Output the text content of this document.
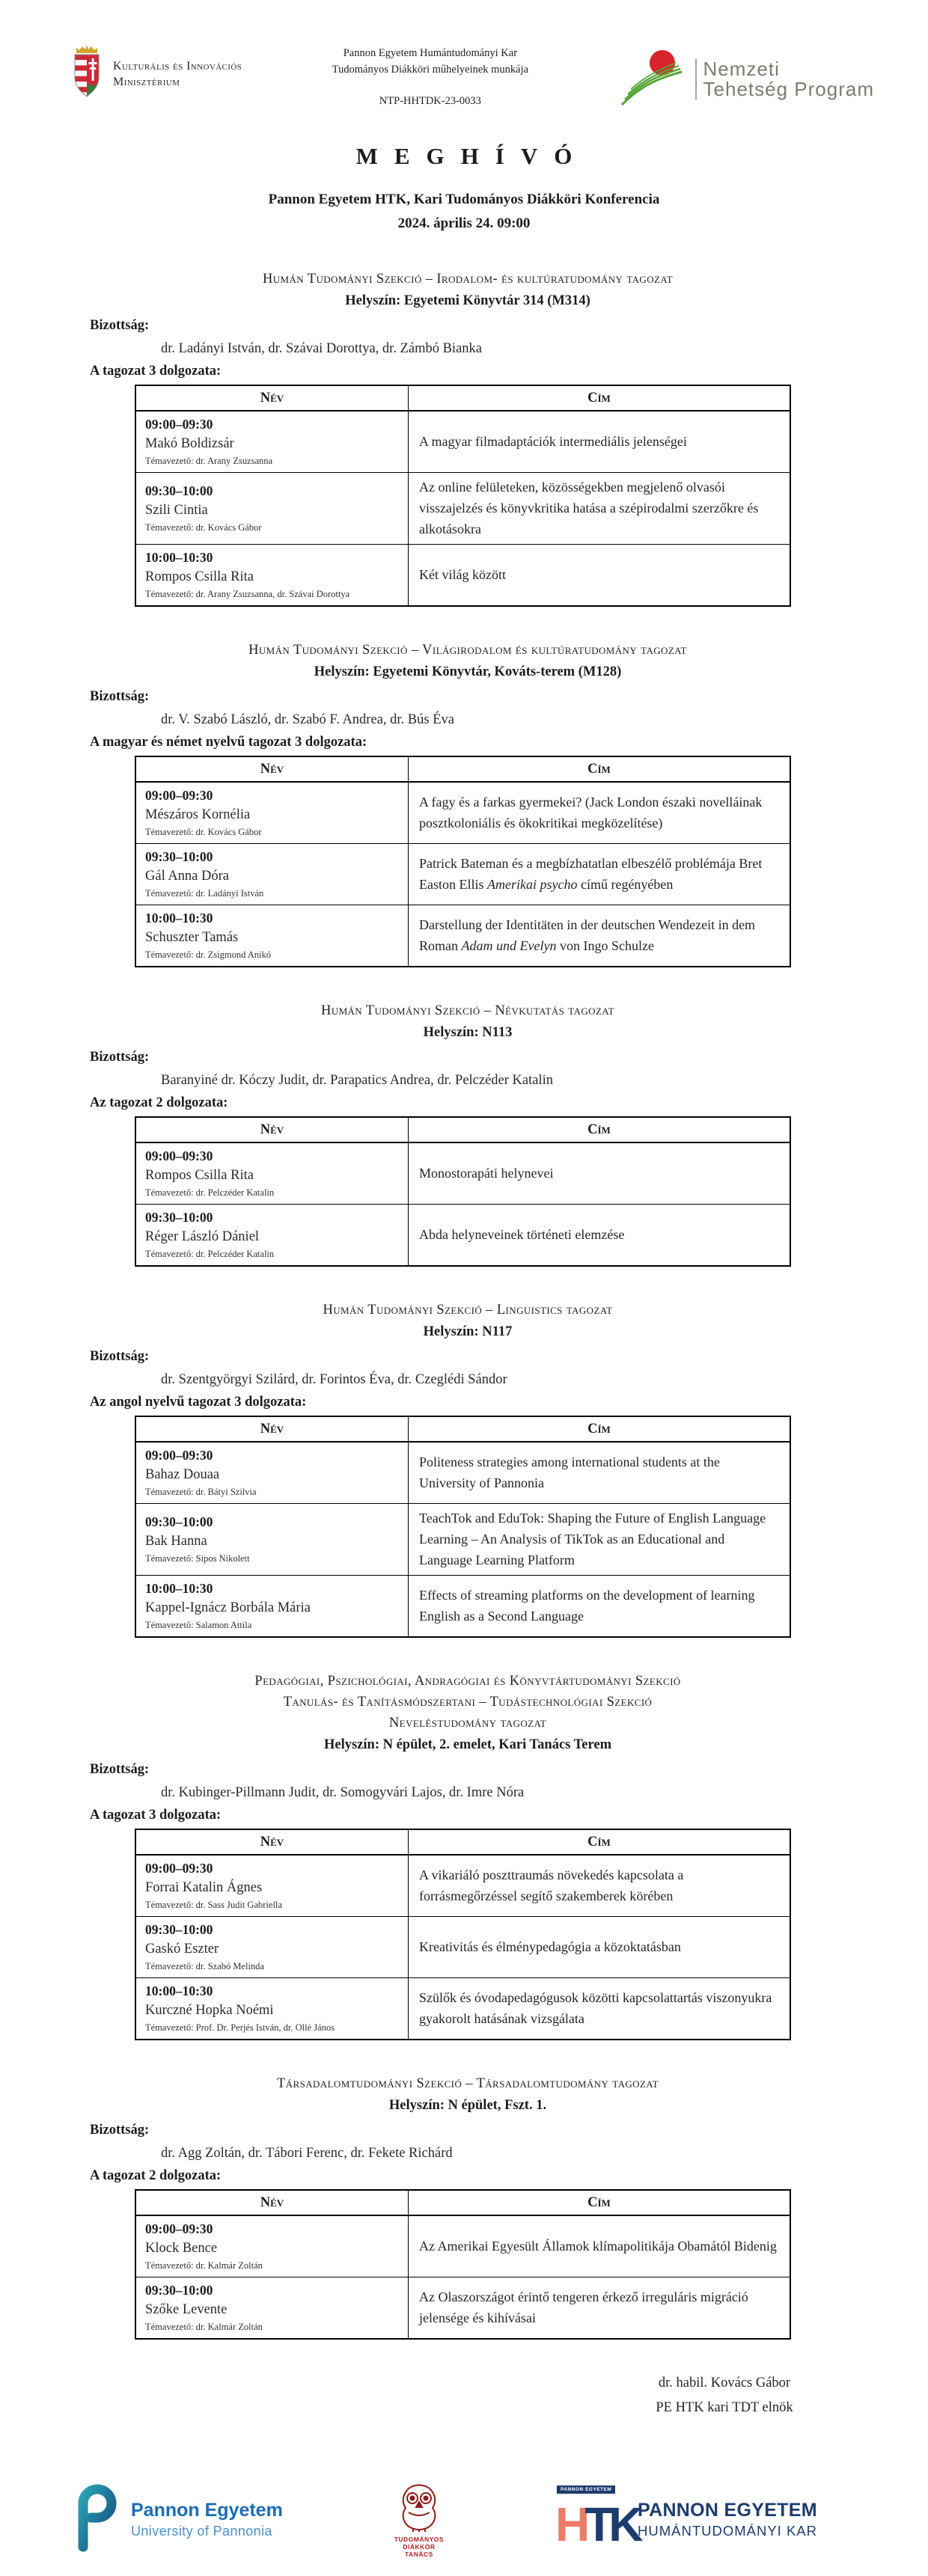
Kulturális és Innovációs
Minisztérium
Pannon Egyetem Humántudományi Kar
Tudományos Diákköri műhelyeinek munkája
NTP-HHTDK-23-0033
Nemzeti
Tehetség Program
MEGHÍVÓ
Pannon Egyetem HTK, Kari Tudományos Diákköri Konferencia
2024. április 24. 09:00
Humán Tudományi Szekció – Irodalom- és kultúratudomány tagozat
Helyszín: Egyetemi Könyvtár 314 (M314)
Bizottság:
dr. Ladányi István, dr. Szávai Dorottya, dr. Zámbó Bianka
A tagozat 3 dolgozata:
Név	Cím

09:00–09:30
Makó Boldizsár
Témavezető: dr. Arany Zsuzsanna	A magyar filmadaptációk intermediális jelenségei

09:30–10:00
Szili Cintia
Témavezető: dr. Kovács Gábor	Az online felületeken, közösségekben megjelenő olvasói visszajelzés és könyvkritika hatása a szépirodalmi szerzőkre és alkotásokra

10:00–10:30
Rompos Csilla Rita
Témavezető: dr. Arany Zsuzsanna, dr. Szávai Dorottya	Két világ között
Humán Tudományi Szekció – Világirodalom és kultúratudomány tagozat
Helyszín: Egyetemi Könyvtár, Kováts-terem (M128)
Bizottság:
dr. V. Szabó László, dr. Szabó F. Andrea, dr. Bús Éva
A magyar és német nyelvű tagozat 3 dolgozata:
Név	Cím

09:00–09:30
Mészáros Kornélia
Témavezető: dr. Kovács Gábor	A fagy és a farkas gyermekei? (Jack London északi novelláinak posztkoloniális és ökokritikai megközelítése)

09:30–10:00
Gál Anna Dóra
Témavezető: dr. Ladányi István	Patrick Bateman és a megbízhatatlan elbeszélő problémája Bret Easton Ellis Amerikai psycho című regényében

10:00–10:30
Schuszter Tamás
Témavezető: dr. Zsigmond Anikó	Darstellung der Identitäten in der deutschen Wendezeit in dem Roman Adam und Evelyn von Ingo Schulze
Humán Tudományi Szekció – Névkutatás tagozat
Helyszín: N113
Bizottság:
Baranyiné dr. Kóczy Judit, dr. Parapatics Andrea, dr. Pelczéder Katalin
Az tagozat 2 dolgozata:
Név	Cím

09:00–09:30
Rompos Csilla Rita
Témavezető: dr. Pelczéder Katalin	Monostorapáti helynevei

09:30–10:00
Réger László Dániel
Témavezető: dr. Pelczéder Katalin	Abda helyneveinek történeti elemzése
Humán Tudományi Szekció – Linguistics tagozat
Helyszín: N117
Bizottság:
dr. Szentgyörgyi Szilárd, dr. Forintos Éva, dr. Czeglédi Sándor
Az angol nyelvű tagozat 3 dolgozata:
Név	Cím

09:00–09:30
Bahaz Douaa
Témavezető: dr. Bátyi Szilvia	Politeness strategies among international students at the University of Pannonia

09:30–10:00
Bak Hanna
Témavezető: Sipos Nikolett	TeachTok and EduTok: Shaping the Future of English Language Learning – An Analysis of TikTok as an Educational and Language Learning Platform

10:00–10:30
Kappel-Ignácz Borbála Mária
Témavezető: Salamon Attila	Effects of streaming platforms on the development of learning English as a Second Language
Pedagógiai, Pszichológiai, Andragógiai és Könyvtártudományi Szekció
Tanulás- és Tanításmódszertani – Tudástechnológiai Szekció
Neveléstudomány tagozat
Helyszín: N épület, 2. emelet, Kari Tanács Terem
Bizottság:
dr. Kubinger-Pillmann Judit, dr. Somogyvári Lajos, dr. Imre Nóra
A tagozat 3 dolgozata:
Név	Cím

09:00–09:30
Forrai Katalin Ágnes
Témavezető: dr. Sass Judit Gabriella	A vikariáló poszttraumás növekedés kapcsolata a forrásmegőrzéssel segítő szakemberek körében

09:30–10:00
Gaskó Eszter
Témavezető: dr. Szabó Melinda	Kreativitás és élménypedagógia a közoktatásban

10:00–10:30
Kurczné Hopka Noémi
Témavezető: Prof. Dr. Perjés István, dr. Ollé János	Szülők és óvodapedagógusok közötti kapcsolattartás viszonyukra gyakorolt hatásának vizsgálata
Társadalomtudományi Szekció – Társadalomtudomány tagozat
Helyszín: N épület, Fszt. 1.
Bizottság:
dr. Agg Zoltán, dr. Tábori Ferenc, dr. Fekete Richárd
A tagozat 2 dolgozata:
Név	Cím

09:00–09:30
Klock Bence
Témavezető: dr. Kalmár Zoltán	Az Amerikai Egyesült Államok klímapolitikája Obamától Bidenig

09:30–10:00
Szőke Levente
Témavezető: dr. Kalmár Zoltán	Az Olaszországot érintő tengeren érkező irreguláris migráció jelensége és kihívásai
dr. habil. Kovács Gábor
PE HTK kari TDT elnök
Pannon Egyetem
University of Pannonia
TUDOMÁNYOS
DIÁKKÖR
TANÁCS
PANNON EGYETEM
HTK PANNON EGYETEM
HUMÁNTUDOMÁNYI KAR
